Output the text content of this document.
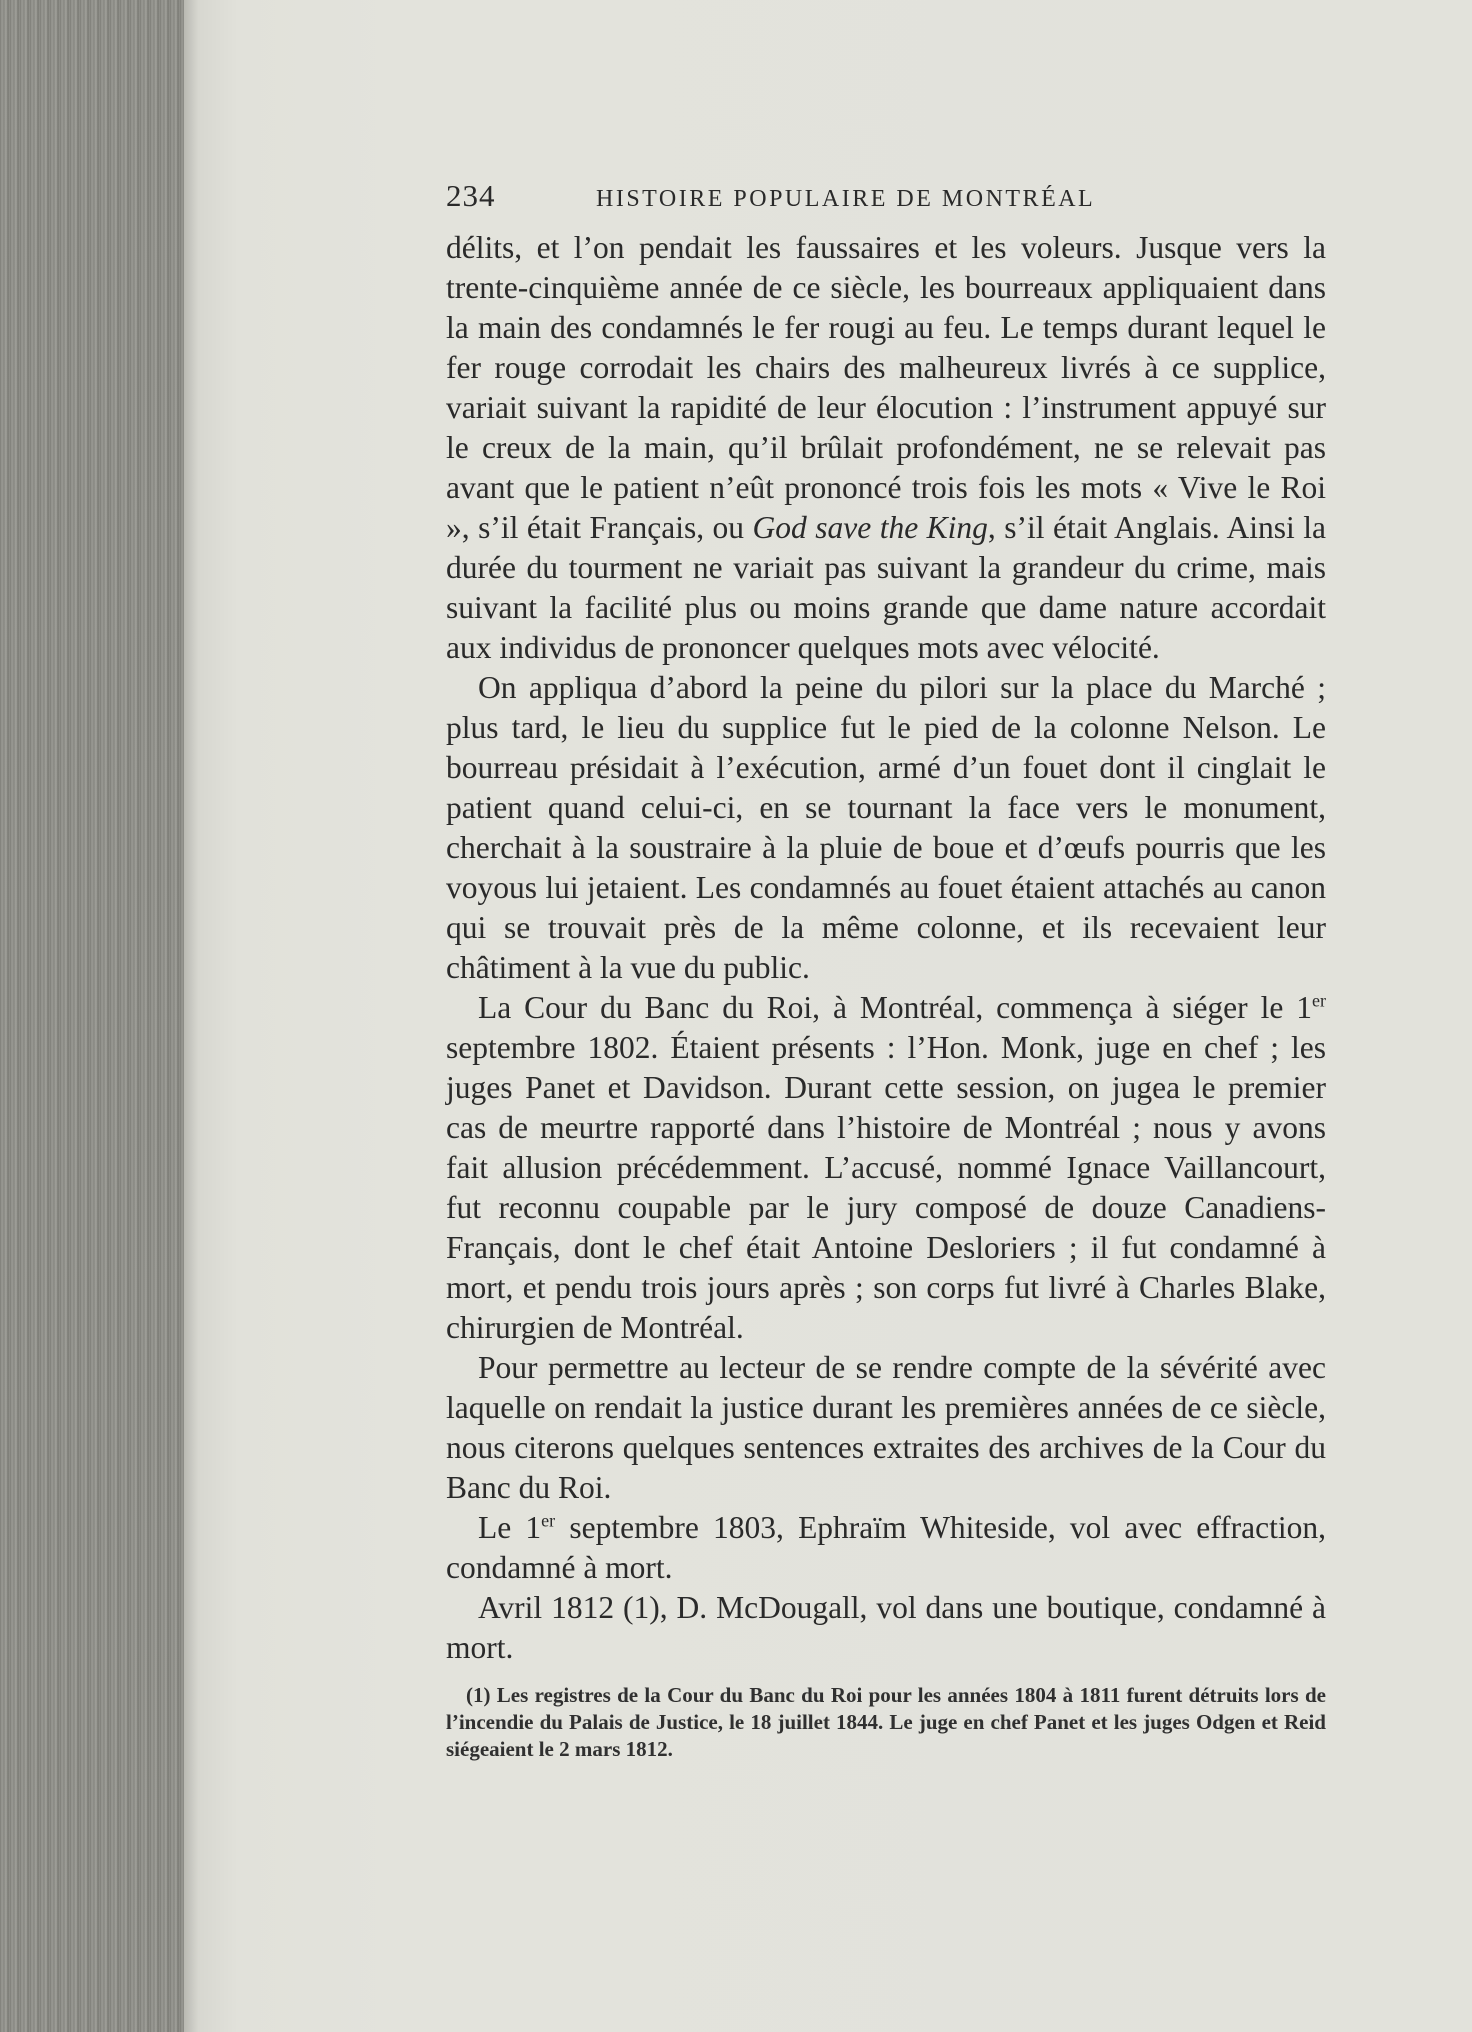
234	HISTOIRE POPULAIRE DE MONTRÉAL

délits, et l’on pendait les faussaires et les voleurs. Jusque vers la trente-cinquième année de ce siècle, les bourreaux appliquaient dans la main des condamnés le fer rougi au feu. Le temps durant lequel le fer rouge corrodait les chairs des malheureux livrés à ce supplice, variait suivant la rapidité de leur élocution : l’instrument appuyé sur le creux de la main, qu’il brûlait profondément, ne se relevait pas avant que le patient n’eût prononcé trois fois les mots « Vive le Roi », s’il était Français, ou God save the King, s’il était Anglais. Ainsi la durée du tourment ne variait pas suivant la grandeur du crime, mais suivant la facilité plus ou moins grande que dame nature accordait aux individus de prononcer quelques mots avec vélocité.

On appliqua d’abord la peine du pilori sur la place du Marché ; plus tard, le lieu du supplice fut le pied de la colonne Nelson. Le bourreau présidait à l’exécution, armé d’un fouet dont il cinglait le patient quand celui-ci, en se tournant la face vers le monument, cherchait à la soustraire à la pluie de boue et d’œufs pourris que les voyous lui jetaient. Les condamnés au fouet étaient attachés au canon qui se trouvait près de la même colonne, et ils recevaient leur châtiment à la vue du public.

La Cour du Banc du Roi, à Montréal, commença à siéger le 1er septembre 1802. Étaient présents : l’Hon. Monk, juge en chef ; les juges Panet et Davidson. Durant cette session, on jugea le premier cas de meurtre rapporté dans l’histoire de Montréal ; nous y avons fait allusion précédemment. L’accusé, nommé Ignace Vaillancourt, fut reconnu coupable par le jury composé de douze Canadiens-Français, dont le chef était Antoine Desloriers ; il fut condamné à mort, et pendu trois jours après ; son corps fut livré à Charles Blake, chirurgien de Montréal.

Pour permettre au lecteur de se rendre compte de la sévérité avec laquelle on rendait la justice durant les premières années de ce siècle, nous citerons quelques sentences extraites des archives de la Cour du Banc du Roi.

Le 1er septembre 1803, Ephraïm Whiteside, vol avec effraction, condamné à mort.

Avril 1812 (1), D. McDougall, vol dans une boutique, condamné à mort.

(1) Les registres de la Cour du Banc du Roi pour les années 1804 à 1811 furent détruits lors de l’incendie du Palais de Justice, le 18 juillet 1844. Le juge en chef Panet et les juges Odgen et Reid siégeaient le 2 mars 1812.
